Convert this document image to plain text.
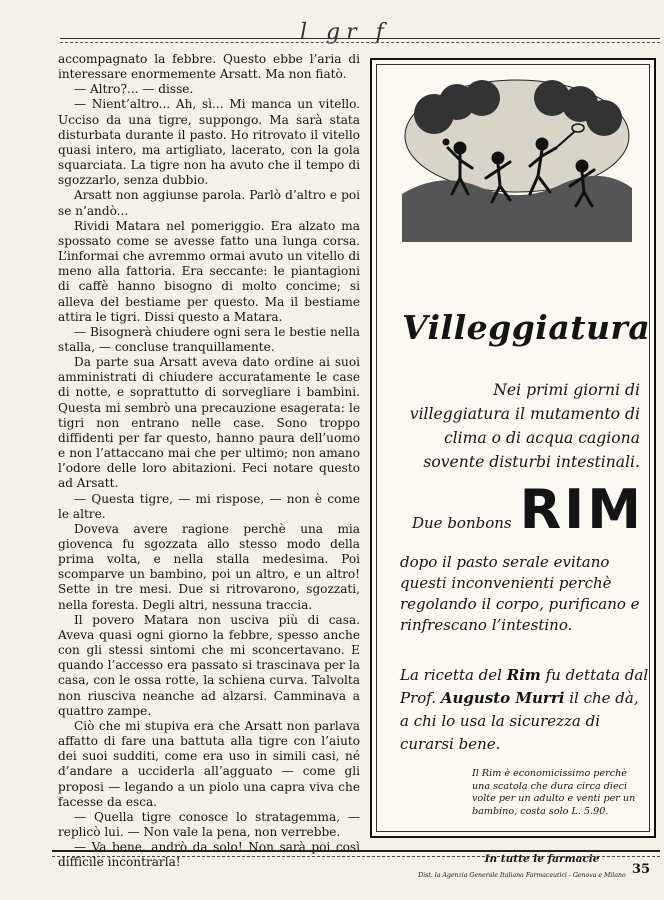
l gr f

accompagnato la febbre. Questo ebbe l’aria di interessare enormemente Arsatt. Ma non fiatò.

— Altro?... — disse.

— Nient’altro... Ah, sì... Mi manca un vitello. Ucciso da una tigre, suppongo. Ma sarà stata disturbata durante il pasto. Ho ritrovato il vitello quasi intero, ma artigliato, lacerato, con la gola squarciata. La tigre non ha avuto che il tempo di sgozzarlo, senza dubbio.

Arsatt non aggiunse parola. Parlò d’altro e poi se n’andò...

Rividi Matara nel pomeriggio. Era alzato ma spossato come se avesse fatto una lunga corsa. L’informai che avremmo ormai avuto un vitello di meno alla fattoria. Era seccante: le piantagioni di caffè hanno bisogno di molto concime; si alleva del bestiame per questo. Ma il bestiame attira le tigri. Dissi questo a Matara.

— Bisognerà chiudere ogni sera le bestie nella stalla, — concluse tranquillamente.

Da parte sua Arsatt aveva dato ordine ai suoi amministrati di chiudere accuratamente le case di notte, e soprattutto di sorvegliare i bambini. Questa mi sembrò una precauzione esagerata: le tigri non entrano nelle case. Sono troppo diffidenti per far questo, hanno paura dell’uomo e non l’attaccano mai che per ultimo; non amano l’odore delle loro abitazioni. Feci notare questo ad Arsatt.

— Questa tigre, — mi rispose, — non è come le altre.

Doveva avere ragione perchè una mia giovenca fu sgozzata allo stesso modo della prima volta, e nella stalla medesima. Poi scomparve un bambino, poi un altro, e un altro! Sette in tre mesi. Due si ritrovarono, sgozzati, nella foresta. Degli altri, nessuna traccia.

Il povero Matara non usciva più di casa. Aveva quasi ogni giorno la febbre, spesso anche con gli stessi sintomi che mi sconcertavano. E quando l’accesso era passato si trascinava per la casa, con le ossa rotte, la schiena curva. Talvolta non riusciva neanche ad alzarsi. Camminava a quattro zampe.

Ciò che mi stupiva era che Arsatt non parlava affatto di fare una battuta alla tigre con l’aiuto dei suoi sudditi, come era uso in simili casi, né d’andare a ucciderla all’agguato — come gli proposi — legando a un piolo una capra viva che facesse da esca.

— Quella tigre conosce lo stratagemma, — replicò lui. — Non vale la pena, non verrebbe.

— Va bene, andrò da solo! Non sarà poi così difficile incontrarla!

Villeggiatura
Nei primi giorni di villeggiatura il mutamento di clima o di acqua cagiona sovente disturbi intestinali.
Due bonbons RIM
dopo il pasto serale evitano questi inconvenienti perchè regolando il corpo, purificano e rinfrescano l’intestino.
La ricetta del Rim fu dettata dal Prof. Augusto Murri il che dà, a chi lo usa la sicurezza di curarsi bene.
Il Rim è economicissimo perchè una scatola che dura circa dieci volte per un adulto e venti per un bambino, costa solo L. 5.90.
In tutte le farmacie
Dist. la Agenzia Generale Italiana Farmaceutici - Genova e Milano 35
